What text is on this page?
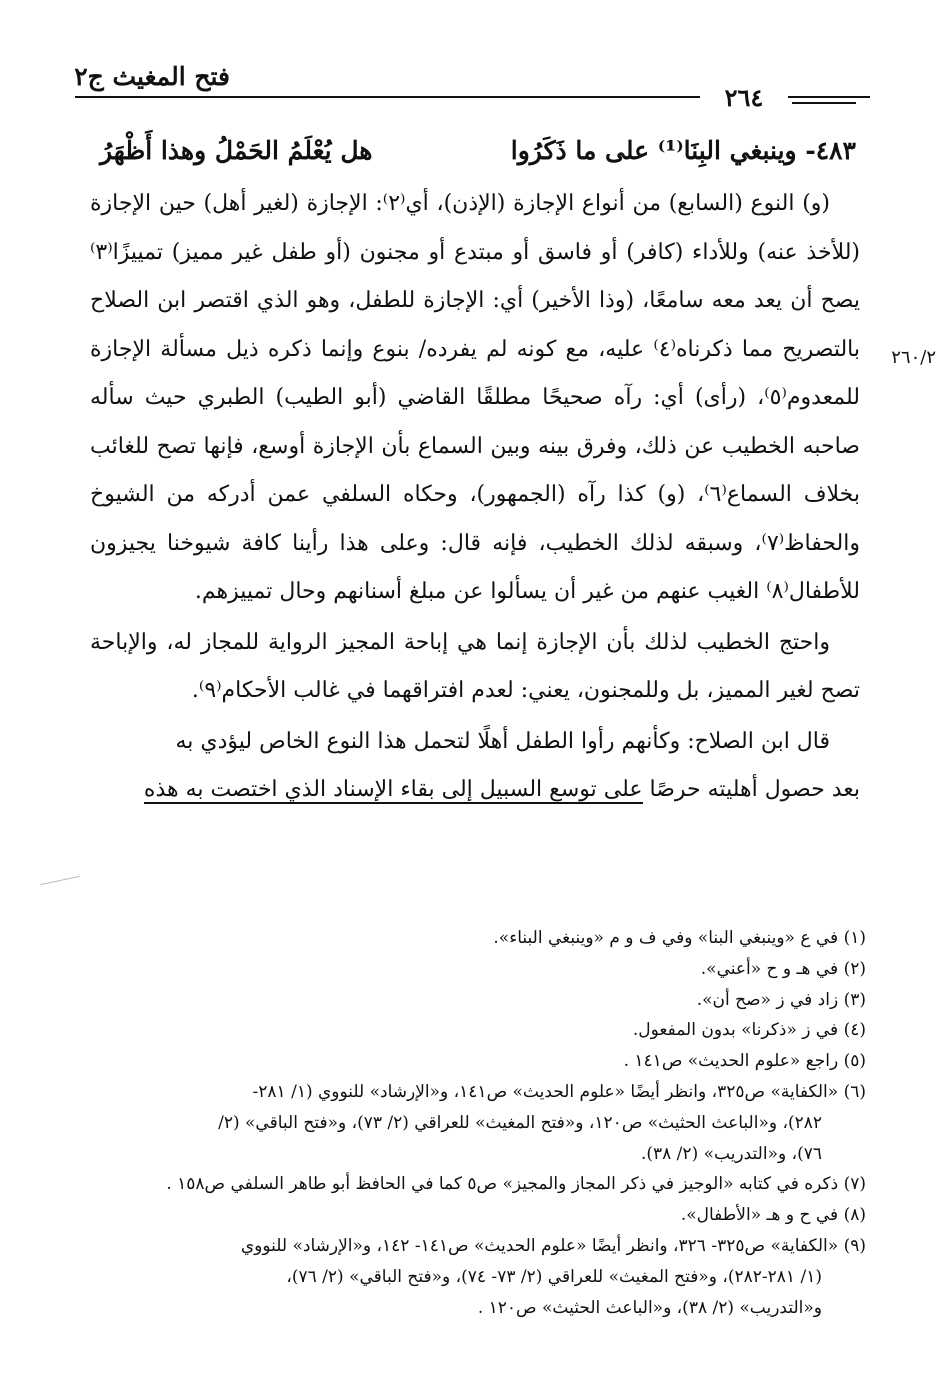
فتح المغيث ج٢
٢٦٤
٤٨٣- وينبغي البِنَا⁽¹⁾ على ما ذَكَرُوا
هل يُعْلَمُ الحَمْلُ وهذا أَظْهَرُ
٢٦٠/٢

(و) النوع (السابع) من أنواع الإجازة (الإذن)، أي⁽٢⁾: الإجازة (لغير أهل) حين الإجازة (للأخذ عنه) وللأداء (كافر) أو فاسق أو مبتدع أو مجنون (أو طفل غير مميز) تمييزًا⁽٣⁾ يصح أن يعد معه سامعًا، (وذا الأخير) أي: الإجازة للطفل، وهو الذي اقتصر ابن الصلاح بالتصريح مما ذكرناه⁽٤⁾ عليه، مع كونه لم يفرده/ بنوع وإنما ذكره ذيل مسألة الإجازة للمعدوم⁽٥⁾، (رأى) أي: رآه صحيحًا مطلقًا القاضي (أبو الطيب) الطبري حيث سأله صاحبه الخطيب عن ذلك، وفرق بينه وبين السماع بأن الإجازة أوسع، فإنها تصح للغائب بخلاف السماع⁽٦⁾، (و) كذا رآه (الجمهور)، وحكاه السلفي عمن أدركه من الشيوخ والحفاظ⁽٧⁾، وسبقه لذلك الخطيب، فإنه قال: وعلى هذا رأينا كافة شيوخنا يجيزون للأطفال⁽٨⁾ الغيب عنهم من غير أن يسألوا عن مبلغ أسنانهم وحال تمييزهم.

واحتج الخطيب لذلك بأن الإجازة إنما هي إباحة المجيز الرواية للمجاز له، والإباحة تصح لغير المميز، بل وللمجنون، يعني: لعدم افتراقهما في غالب الأحكام⁽٩⁾.

قال ابن الصلاح: وكأنهم رأوا الطفل أهلًا لتحمل هذا النوع الخاص ليؤدي به

بعد حصول أهليته حرصًا على توسع السبيل إلى بقاء الإسناد الذي اختصت به هذه

(١) في ع «وينبغي البنا» وفي ف و م «وينبغي البناء».

(٢) في هـ و ح «أعني».

(٣) زاد في ز «صح أن».

(٤) في ز «ذكرنا» بدون المفعول.

(٥) راجع «علوم الحديث» ص١٤١ .

(٦) «الكفاية» ص٣٢٥، وانظر أيضًا «علوم الحديث» ص١٤١، و«الإرشاد» للنووي (١/ ٢٨١-

٢٨٢)، و«الباعث الحثيث» ص١٢٠، و«فتح المغيث» للعراقي (٢/ ٧٣)، و«فتح الباقي» (٢/

٧٦)، و«التدريب» (٢/ ٣٨).

(٧) ذكره في كتابه «الوجيز في ذكر المجاز والمجيز» ص٥ كما في الحافظ أبو طاهر السلفي ص١٥٨ .

(٨) في ح و هـ «الأطفال».

(٩) «الكفاية» ص٣٢٥- ٣٢٦، وانظر أيضًا «علوم الحديث» ص١٤١- ١٤٢، و«الإرشاد» للنووي

(١/ ٢٨١-٢٨٢)، و«فتح المغيث» للعراقي (٢/ ٧٣- ٧٤)، و«فتح الباقي» (٢/ ٧٦)،

و«التدريب» (٢/ ٣٨)، و«الباعث الحثيث» ص١٢٠ .
